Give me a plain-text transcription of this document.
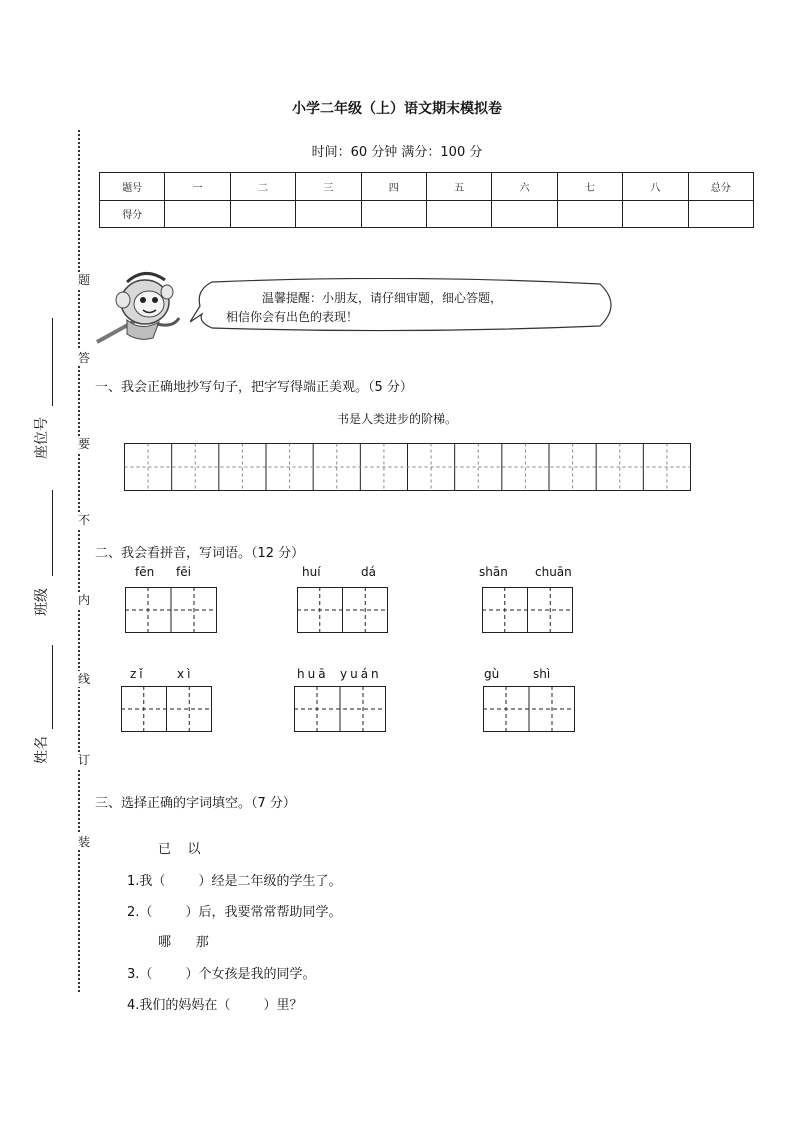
小学二年级（上）语文期末模拟卷
时间：60 分钟 满分：100 分
题号	一	二	三	四	五	六	七	八	总分
得分									
题
答
要
不
内
线
订
装
座位号
班级
姓名
温馨提醒：小朋友，请仔细审题，细心答题，
相信你会有出色的表现！
一、我会正确地抄写句子，把字写得端正美观。（5 分）
书是人类进步的阶梯。
二、我会看拼音，写词语。（12 分）
fēn fēi	huí	dá	shān chuān
zǐ	xì	huā yuán	gù	shì
三、选择正确的字词填空。（7 分）
已    以
1.我（        ）经是二年级的学生了。
2.（        ）后，我要常常帮助同学。
哪      那
3.（        ）个女孩是我的同学。
4.我们的妈妈在（        ）里？
